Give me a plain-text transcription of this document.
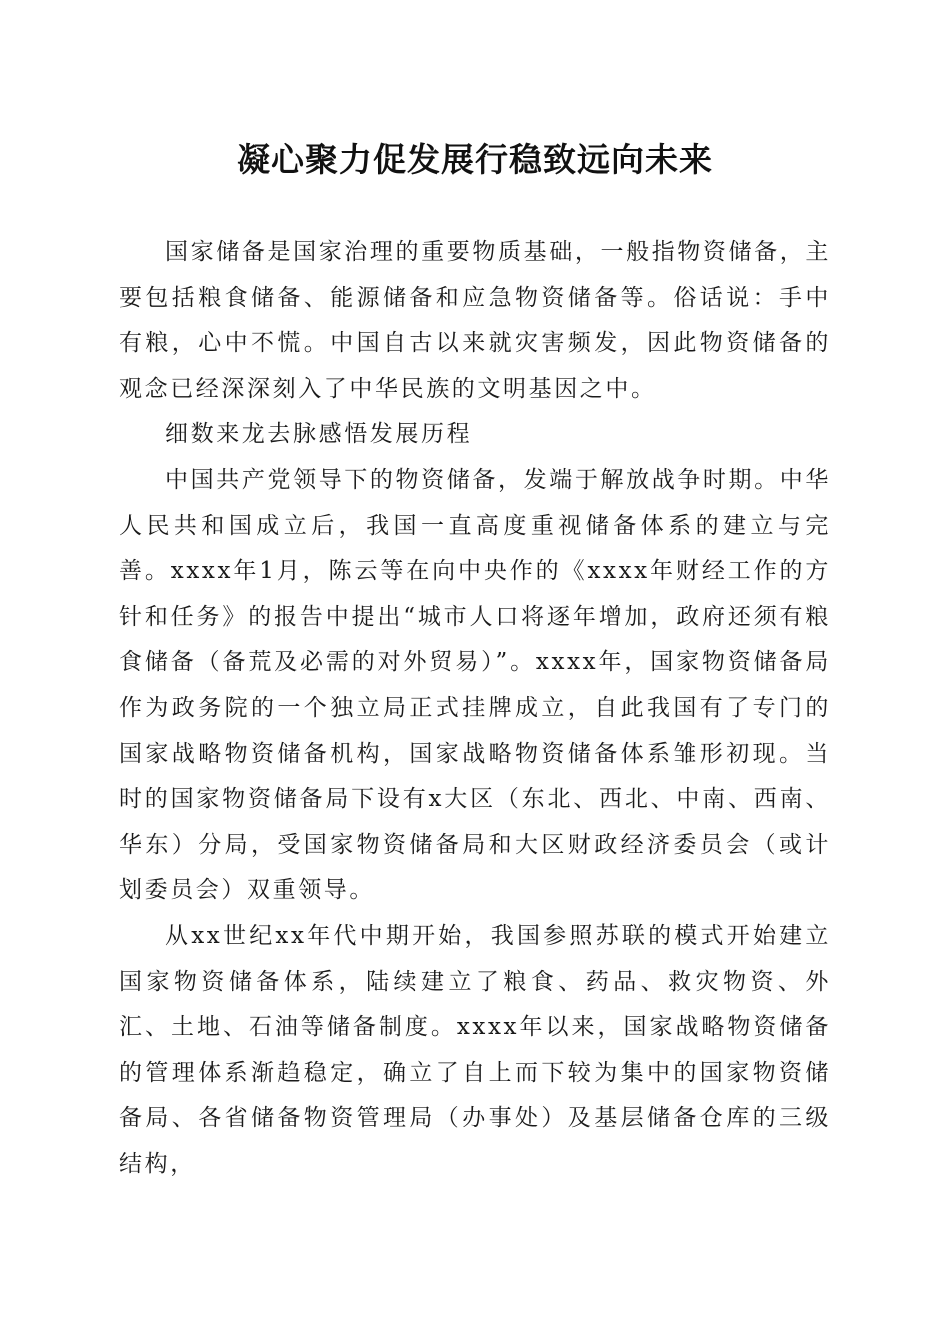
凝心聚力促发展行稳致远向未来

国家储备是国家治理的重要物质基础，一般指物资储备，主要包括粮食储备、能源储备和应急物资储备等。俗话说：手中有粮，心中不慌。中国自古以来就灾害频发，因此物资储备的观念已经深深刻入了中华民族的文明基因之中。

细数来龙去脉感悟发展历程

中国共产党领导下的物资储备，发端于解放战争时期。中华人民共和国成立后，我国一直高度重视储备体系的建立与完善。xxxx年1月，陈云等在向中央作的《xxxx年财经工作的方针和任务》的报告中提出“城市人口将逐年增加，政府还须有粮食储备（备荒及必需的对外贸易）”。xxxx年，国家物资储备局作为政务院的一个独立局正式挂牌成立，自此我国有了专门的国家战略物资储备机构，国家战略物资储备体系雏形初现。当时的国家物资储备局下设有x大区（东北、西北、中南、西南、华东）分局，受国家物资储备局和大区财政经济委员会（或计划委员会）双重领导。

从xx世纪xx年代中期开始，我国参照苏联的模式开始建立国家物资储备体系，陆续建立了粮食、药品、救灾物资、外汇、土地、石油等储备制度。xxxx年以来，国家战略物资储备的管理体系渐趋稳定，确立了自上而下较为集中的国家物资储备局、各省储备物资管理局（办事处）及基层储备仓库的三级结构，
